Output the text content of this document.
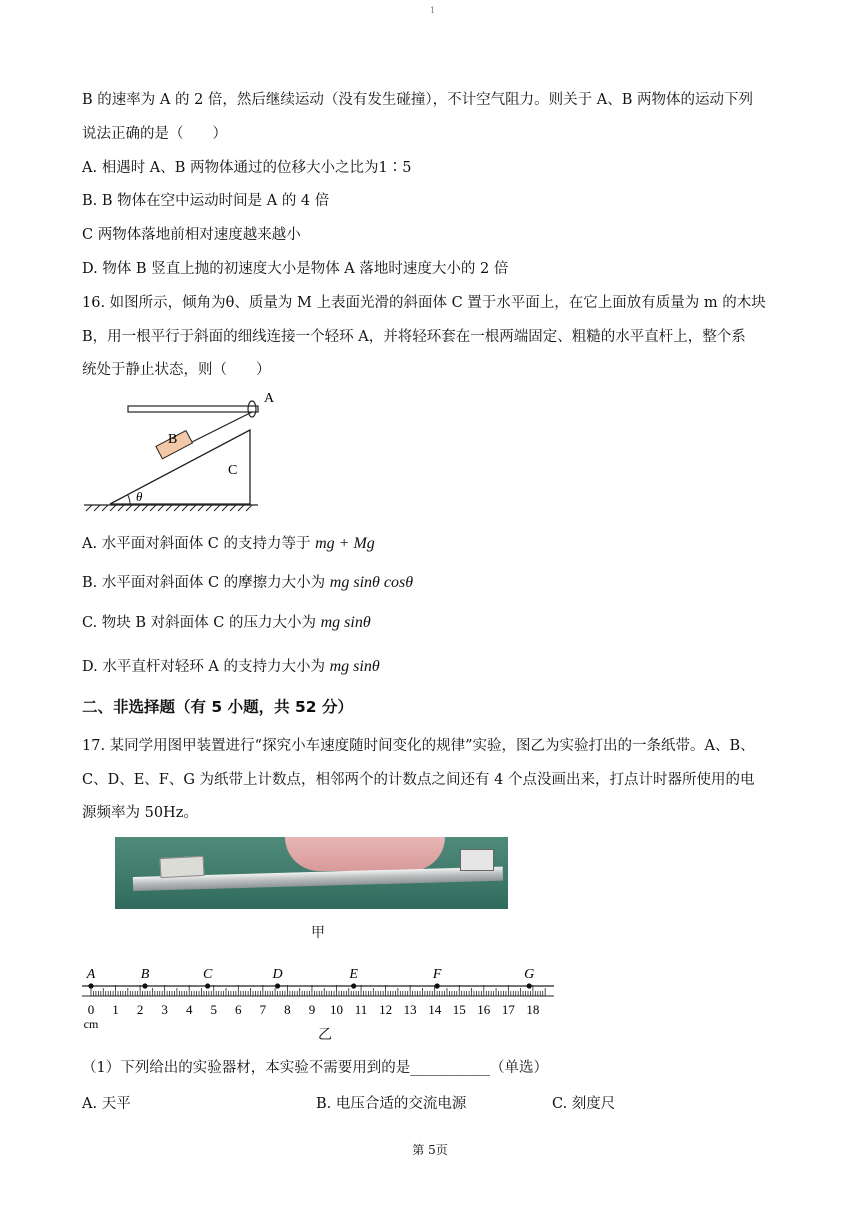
1
B 的速率为 A 的 2 倍，然后继续运动（没有发生碰撞），不计空气阻力。则关于 A、B 两物体的运动下列
说法正确的是（　　）
A. 相遇时 A、B 两物体通过的位移大小之比为1∶5
B. B 物体在空中运动时间是 A 的 4 倍
C 两物体落地前相对速度越来越小
D. 物体 B 竖直上抛的初速度大小是物体 A 落地时速度大小的 2 倍
16. 如图所示，倾角为θ、质量为 M 上表面光滑的斜面体 C 置于水平面上，在它上面放有质量为 m 的木块
B，用一根平行于斜面的细线连接一个轻环 A，并将轻环套在一根两端固定、粗糙的水平直杆上，整个系
统处于静止状态，则（　　）
A
B
C
θ
A. 水平面对斜面体 C 的支持力等于 mg + Mg
B. 水平面对斜面体 C 的摩擦力大小为 mg sinθ cosθ
C. 物块 B 对斜面体 C 的压力大小为 mg sinθ
D. 水平直杆对轻环 A 的支持力大小为 mg sinθ
二、非选择题（有 5 小题，共 52 分）
17. 某同学用图甲装置进行“探究小车速度随时间变化的规律”实验，图乙为实验打出的一条纸带。A、B、
C、D、E、F、G 为纸带上计数点，相邻两个的计数点之间还有 4 个点没画出来，打点计时器所使用的电
源频率为 50Hz。
甲
0 1 2 3 4 5 6 7 8 9 10 11 12 13 14 15 16 17 18
cm
A	B	C	D	E	F	G
乙
（1）下列给出的实验器材，本实验不需要用到的是___________（单选）
A. 天平	B. 电压合适的交流电源	C. 刻度尺
第 5页
